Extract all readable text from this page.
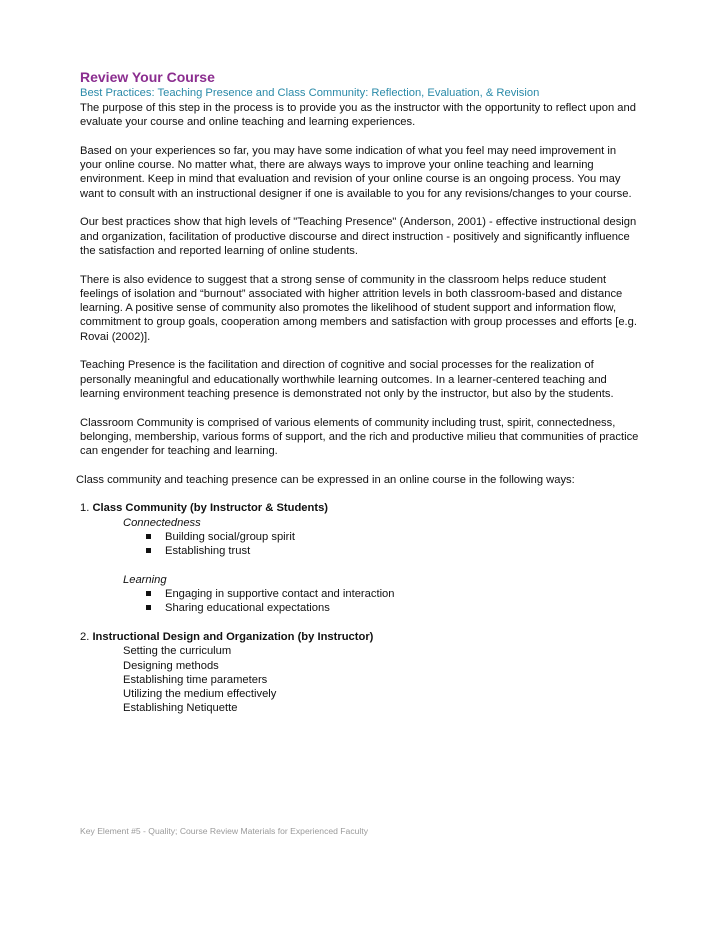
Review Your Course
Best Practices: Teaching Presence and Class Community: Reflection, Evaluation, & Revision

The purpose of this step in the process is to provide you as the instructor with the opportunity to reflect upon and evaluate your course and online teaching and learning experiences.

Based on your experiences so far, you may have some indication of what you feel may need improvement in your online course. No matter what, there are always ways to improve your online teaching and learning environment. Keep in mind that evaluation and revision of your online course is an ongoing process. You may want to consult with an instructional designer if one is available to you for any revisions/changes to your course.

Our best practices show that high levels of "Teaching Presence" (Anderson, 2001) - effective instructional design and organization, facilitation of productive discourse and direct instruction - positively and significantly influence the satisfaction and reported learning of online students.

There is also evidence to suggest that a strong sense of community in the classroom helps reduce student feelings of isolation and “burnout” associated with higher attrition levels in both classroom-based and distance learning. A positive sense of community also promotes the likelihood of student support and information flow, commitment to group goals, cooperation among members and satisfaction with group processes and efforts [e.g. Rovai (2002)].

Teaching Presence is the facilitation and direction of cognitive and social processes for the realization of personally meaningful and educationally worthwhile learning outcomes. In a learner-centered teaching and learning environment teaching presence is demonstrated not only by the instructor, but also by the students.

Classroom Community is comprised of various elements of community including trust, spirit, connectedness, belonging, membership, various forms of support, and the rich and productive milieu that communities of practice can engender for teaching and learning.

Class community and teaching presence can be expressed in an online course in the following ways:

1. Class Community (by Instructor & Students)
Connectedness
Building social/group spirit
Establishing trust
Learning
Engaging in supportive contact and interaction
Sharing educational expectations
2. Instructional Design and Organization (by Instructor)
Setting the curriculum
Designing methods
Establishing time parameters
Utilizing the medium effectively
Establishing Netiquette
Key Element #5 - Quality; Course Review Materials for Experienced Faculty
